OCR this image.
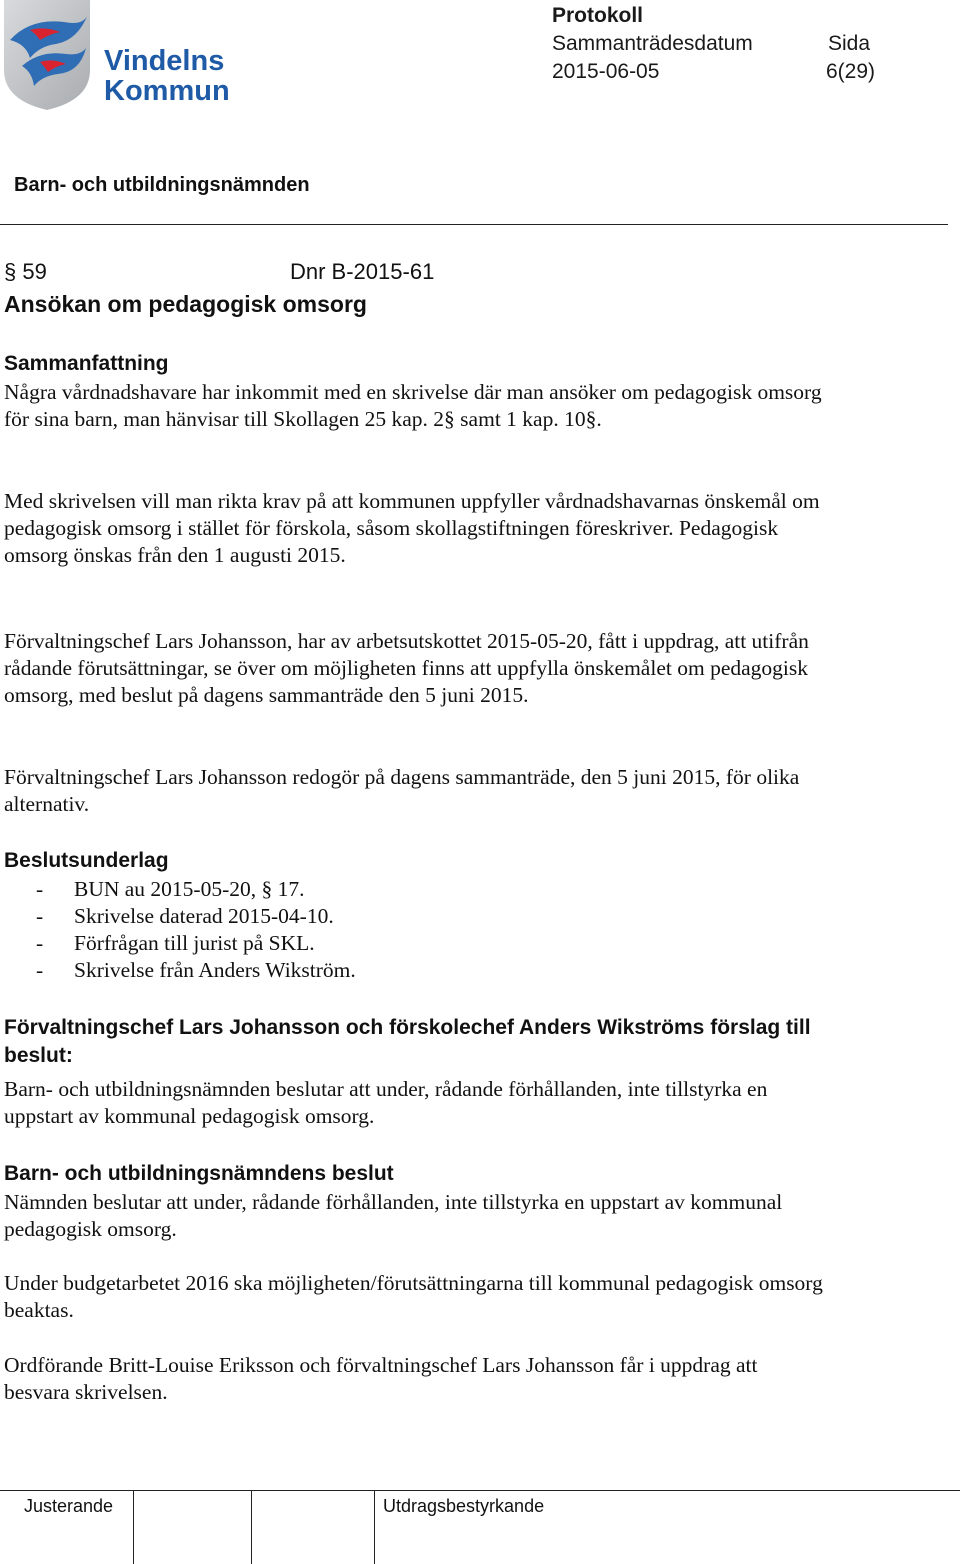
Vindelns
Kommun
Protokoll
Sammanträdesdatum
2015-06-05
Sida
6(29)
Barn- och utbildningsnämnden
§ 59	Dnr B-2015-61
Ansökan om pedagogisk omsorg
Sammanfattning

Några vårdnadshavare har inkommit med en skrivelse där man ansöker om pedagogisk omsorg för sina barn, man hänvisar till Skollagen 25 kap. 2§ samt 1 kap. 10§.

Med skrivelsen vill man rikta krav på att kommunen uppfyller vårdnadshavarnas önskemål om pedagogisk omsorg i stället för förskola, såsom skollagstiftningen föreskriver. Pedagogisk omsorg önskas från den 1 augusti 2015.

Förvaltningschef Lars Johansson, har av arbetsutskottet 2015-05-20, fått i uppdrag, att utifrån rådande förutsättningar, se över om möjligheten finns att uppfylla önskemålet om pedagogisk omsorg, med beslut på dagens sammanträde den 5 juni 2015.

Förvaltningschef Lars Johansson redogör på dagens sammanträde, den 5 juni 2015, för olika alternativ.

Beslutsunderlag
- BUN au 2015-05-20, § 17.
- Skrivelse daterad 2015-04-10.
- Förfrågan till jurist på SKL.
- Skrivelse från Anders Wikström.
Förvaltningschef Lars Johansson och förskolechef Anders Wikströms förslag till beslut:

Barn- och utbildningsnämnden beslutar att under, rådande förhållanden, inte tillstyrka en uppstart av kommunal pedagogisk omsorg.

Barn- och utbildningsnämndens beslut

Nämnden beslutar att under, rådande förhållanden, inte tillstyrka en uppstart av kommunal pedagogisk omsorg.

Under budgetarbetet 2016 ska möjligheten/förutsättningarna till kommunal pedagogisk omsorg beaktas.

Ordförande Britt-Louise Eriksson och förvaltningschef Lars Johansson får i uppdrag att besvara skrivelsen.

Justerande	Utdragsbestyrkande
